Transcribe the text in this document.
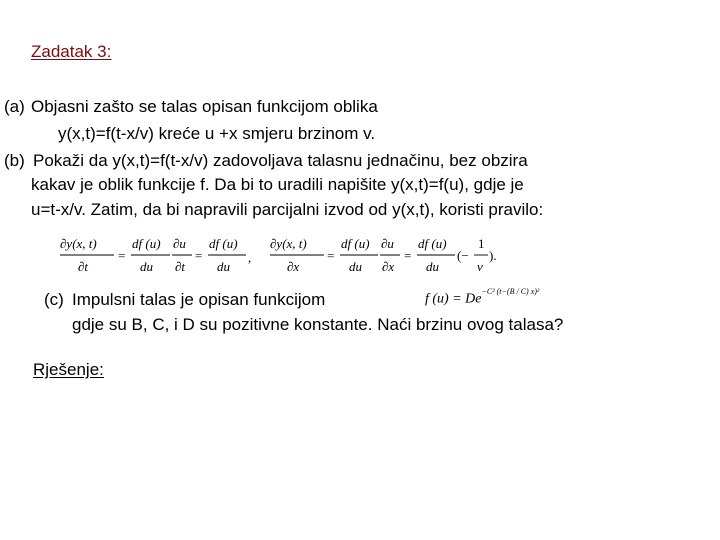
Zadatak 3:
(a) Objasni zašto se talas opisan funkcijom oblika
y(x,t)=f(t-x/v) kreće u +x smjeru brzinom v.
(b) Pokaži da y(x,t)=f(t-x/v) zadovoljava talasnu jednačinu, bez obzira
kakav je oblik funkcije f. Da bi to uradili napišite y(x,t)=f(u), gdje je
u=t-x/v. Zatim, da bi napravili parcijalni izvod od y(x,t), koristi pravilo:
∂y(x, t)
∂t
=
df (u)
du
∂u
∂t
=
df (u)
du
,
∂y(x, t)
∂x
=
df (u)
du
∂u
∂x
=
df (u)
du
(−
1
v
).
(c) Impulsni talas je opisan funkcijom	f $(u) = De^{-C^2 (t-(B / C) x)^2}$
gdje su B, C, i D su pozitivne konstante. Naći brzinu ovog talasa?
Rješenje:
